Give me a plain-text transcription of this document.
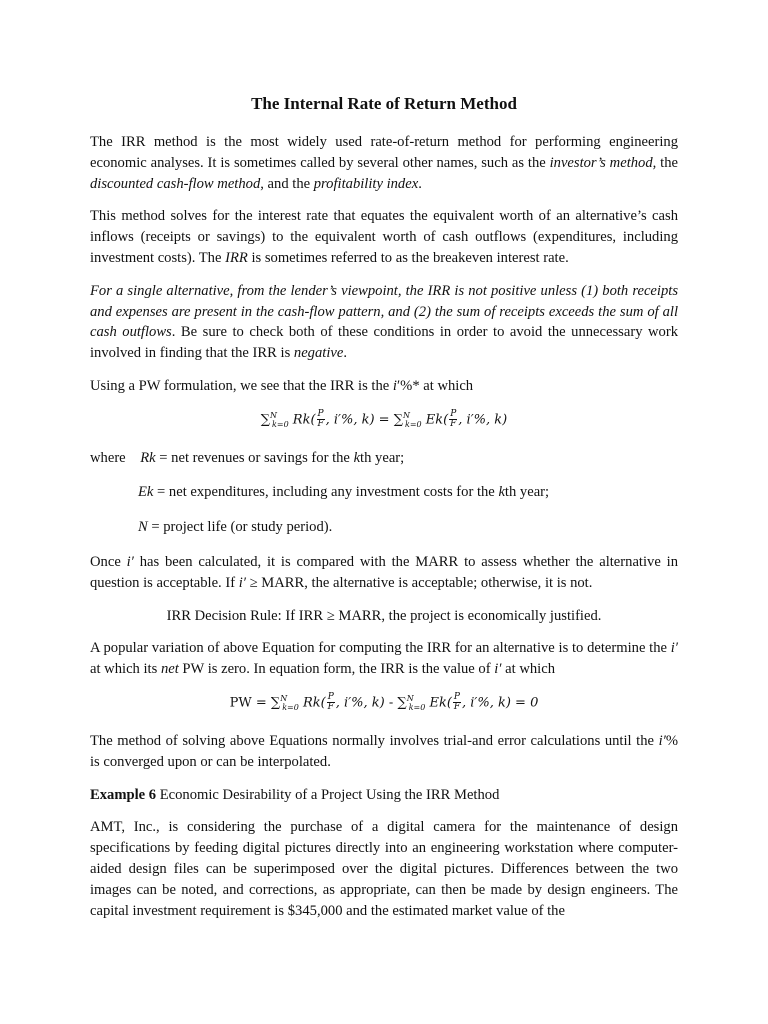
The Internal Rate of Return Method

The IRR method is the most widely used rate-of-return method for performing engineering economic analyses. It is sometimes called by several other names, such as the investor’s method, the discounted cash-flow method, and the profitability index.

This method solves for the interest rate that equates the equivalent worth of an alternative’s cash inflows (receipts or savings) to the equivalent worth of cash outflows (expenditures, including investment costs). The IRR is sometimes referred to as the breakeven interest rate.

For a single alternative, from the lender’s viewpoint, the IRR is not positive unless (1) both receipts and expenses are present in the cash-flow pattern, and (2) the sum of receipts exceeds the sum of all cash outflows. Be sure to check both of these conditions in order to avoid the unnecessary work involved in finding that the IRR is negative.

Using a PW formulation, we see that the IRR is the i′%* at which

∑$^N_{k=0}$ $Rk( \frac{P}{F}$ , i′%, k) = ∑$^N_{k=0}$ $Ek( \frac{P}{F}$ , i′%, k)

where Rk = net revenues or savings for the kth year;

Ek = net expenditures, including any investment costs for the kth year;

N = project life (or study period).

Once i′ has been calculated, it is compared with the MARR to assess whether the alternative in question is acceptable. If i′ ≥ MARR, the alternative is acceptable; otherwise, it is not.

IRR Decision Rule: If IRR ≥ MARR, the project is economically justified.

A popular variation of above Equation for computing the IRR for an alternative is to determine the i′ at which its net PW is zero. In equation form, the IRR is the value of i′ at which

PW = ∑$^N_{k=0}$ $Rk( \frac{P}{F}$ , i′%, k) - ∑$^N_{k=0}$ $Ek( \frac{P}{F}$ , i′%, k) = 0

The method of solving above Equations normally involves trial-and error calculations until the i′% is converged upon or can be interpolated.

Example 6 Economic Desirability of a Project Using the IRR Method

AMT, Inc., is considering the purchase of a digital camera for the maintenance of design specifications by feeding digital pictures directly into an engineering workstation where computer-aided design files can be superimposed over the digital pictures. Differences between the two images can be noted, and corrections, as appropriate, can then be made by design engineers. The capital investment requirement is $345,000 and the estimated market value of the
